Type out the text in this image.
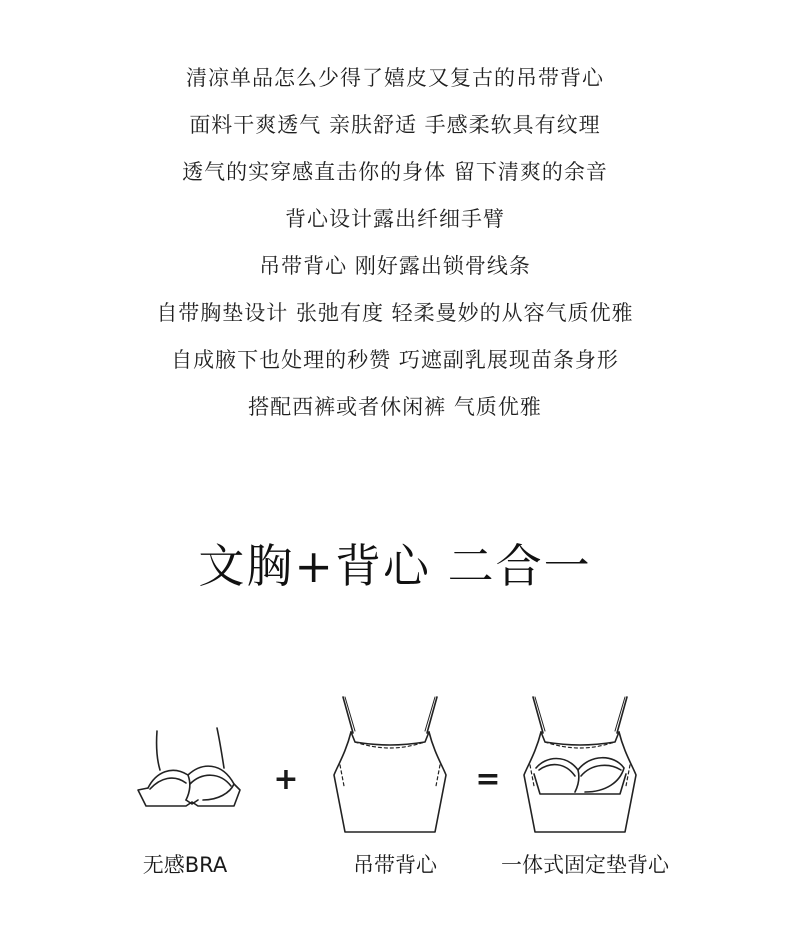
清凉单品怎么少得了嬉皮又复古的吊带背心
面料干爽透气 亲肤舒适 手感柔软具有纹理
透气的实穿感直击你的身体 留下清爽的余音
背心设计露出纤细手臂
吊带背心 刚好露出锁骨线条
自带胸垫设计 张弛有度 轻柔曼妙的从容气质优雅
自成腋下也处理的秒赞 巧遮副乳展现苗条身形
搭配西裤或者休闲裤 气质优雅
文胸+背心 二合一
+	=
无感BRA	吊带背心	一体式固定垫背心
